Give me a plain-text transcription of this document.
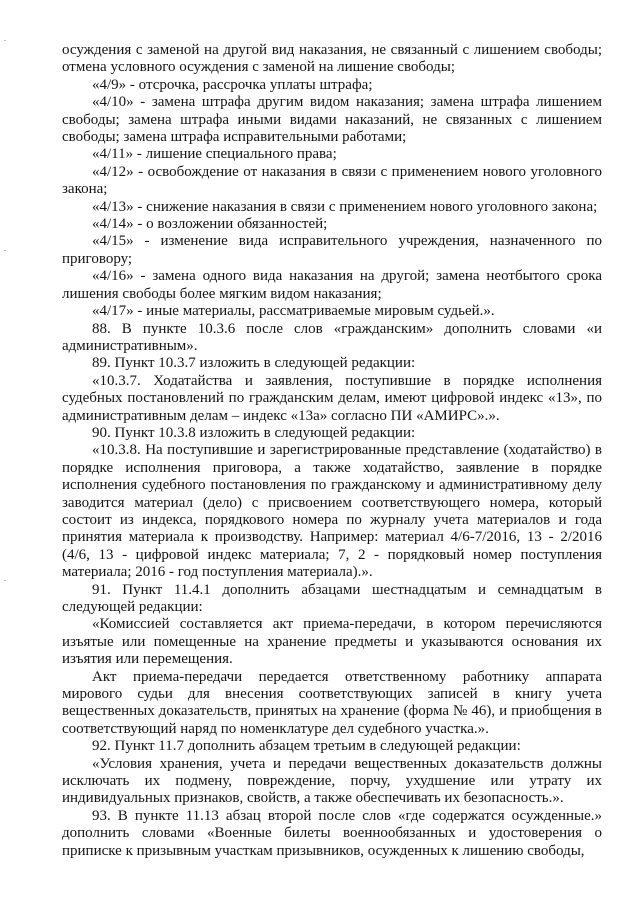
осуждения с заменой на другой вид наказания, не связанный с лишением свободы; отмена условного осуждения с заменой на лишение свободы;

«4/9» - отсрочка, рассрочка уплаты штрафа;

«4/10» - замена штрафа другим видом наказания; замена штрафа лишением свободы; замена штрафа иными видами наказаний, не связанных с лишением свободы; замена штрафа исправительными работами;

«4/11» - лишение специального права;

«4/12» - освобождение от наказания в связи с применением нового уголовного закона;

«4/13» - снижение наказания в связи с применением нового уголовного закона;

«4/14» - о возложении обязанностей;

«4/15» - изменение вида исправительного учреждения, назначенного по приговору;

«4/16» - замена одного вида наказания на другой; замена неотбытого срока лишения свободы более мягким видом наказания;

«4/17» - иные материалы, рассматриваемые мировым судьей.».

88. В пункте 10.3.6 после слов «гражданским» дополнить словами «и административным».

89. Пункт 10.3.7 изложить в следующей редакции:

«10.3.7. Ходатайства и заявления, поступившие в порядке исполнения судебных постановлений по гражданским делам, имеют цифровой индекс «13», по административным делам – индекс «13а» согласно ПИ «АМИРС».».

90. Пункт 10.3.8 изложить в следующей редакции:

«10.3.8. На поступившие и зарегистрированные представление (ходатайство) в порядке исполнения приговора, а также ходатайство, заявление в порядке исполнения судебного постановления по гражданскому и административному делу заводится материал (дело) с присвоением соответствующего номера, который состоит из индекса, порядкового номера по журналу учета материалов и года принятия материала к производству. Например: материал 4/6-7/2016, 13 - 2/2016 (4/6, 13 - цифровой индекс материала; 7, 2 - порядковый номер поступления материала; 2016 - год поступления материала).».

91. Пункт 11.4.1 дополнить абзацами шестнадцатым и семнадцатым в следующей редакции:

«Комиссией составляется акт приема-передачи, в котором перечисляются изъятые или помещенные на хранение предметы и указываются основания их изъятия или перемещения.

Акт приема-передачи передается ответственному работнику аппарата мирового судьи для внесения соответствующих записей в книгу учета вещественных доказательств, принятых на хранение (форма № 46), и приобщения в соответствующий наряд по номенклатуре дел судебного участка.».

92. Пункт 11.7 дополнить абзацем третьим в следующей редакции:

«Условия хранения, учета и передачи вещественных доказательств должны исключать их подмену, повреждение, порчу, ухудшение или утрату их индивидуальных признаков, свойств, а также обеспечивать их безопасность.».

93. В пункте 11.13 абзац второй после слов «где содержатся осужденные.» дополнить словами «Военные билеты военнообязанных и удостоверения о приписке к призывным участкам призывников, осужденных к лишению свободы,
